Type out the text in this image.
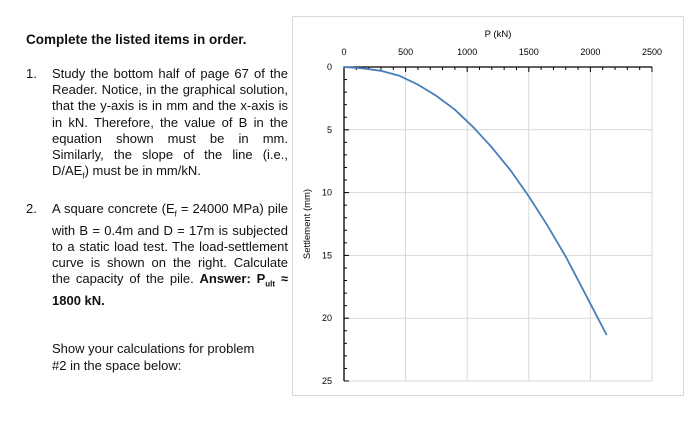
Complete the listed items in order.
1. Study the bottom half of page 67 of the Reader. Notice, in the graphical solution, that the y-axis is in mm and the x-axis is in kN. Therefore, the value of B in the equation shown must be in mm. Similarly, the slope of the line (i.e., $D/AE_f$) must be in mm/kN.

2. A square concrete ($E_f = 24000$ MPa) pile with B = 0.4m and D = 17m is subjected to a static load test. The load-settlement curve is shown on the right. Calculate the capacity of the pile. Answer: $P_{ult} \approx 1800$ kN.

Show your calculations for problem
#2 in the space below:
0	500	1000	1500	2000	2500
0
5
10
15
20
25
P (kN)
Settlement (mm)
